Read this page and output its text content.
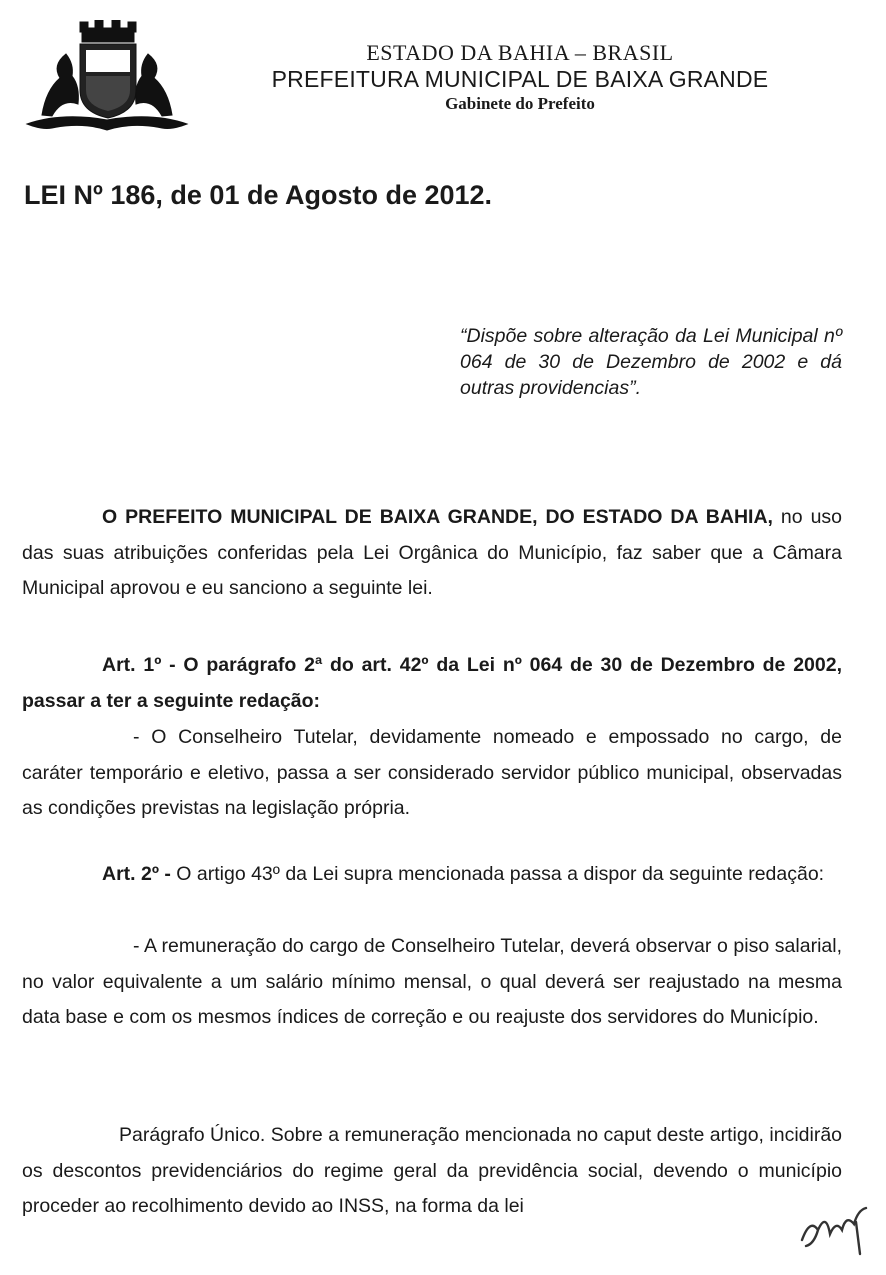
ESTADO DA BAHIA – BRASIL
PREFEITURA MUNICIPAL DE BAIXA GRANDE
Gabinete do Prefeito
LEI Nº 186, de 01 de Agosto de 2012.
“Dispõe sobre alteração da Lei Municipal nº 064 de 30 de Dezembro de 2002 e dá outras providencias”.
O PREFEITO MUNICIPAL DE BAIXA GRANDE, DO ESTADO DA BAHIA, no uso das suas atribuições conferidas pela Lei Orgânica do Município, faz saber que a Câmara Municipal aprovou e eu sanciono a seguinte lei.
Art. 1º - O parágrafo 2ª do art. 42º da Lei nº 064 de 30 de Dezembro de 2002, passar a ter a seguinte redação:
- O Conselheiro Tutelar, devidamente nomeado e empossado no cargo, de caráter temporário e eletivo, passa a ser considerado servidor público municipal, observadas as condições previstas na legislação própria.
Art. 2º - O artigo 43º da Lei supra mencionada passa a dispor da seguinte redação:
- A remuneração do cargo de Conselheiro Tutelar, deverá observar o piso salarial, no valor equivalente a um salário mínimo mensal, o qual deverá ser reajustado na mesma data base e com os mesmos índices de correção e ou reajuste dos servidores do Município.
Parágrafo Único. Sobre a remuneração mencionada no caput deste artigo, incidirão os descontos previdenciários do regime geral da previdência social, devendo o município proceder ao recolhimento devido ao INSS, na forma da lei
